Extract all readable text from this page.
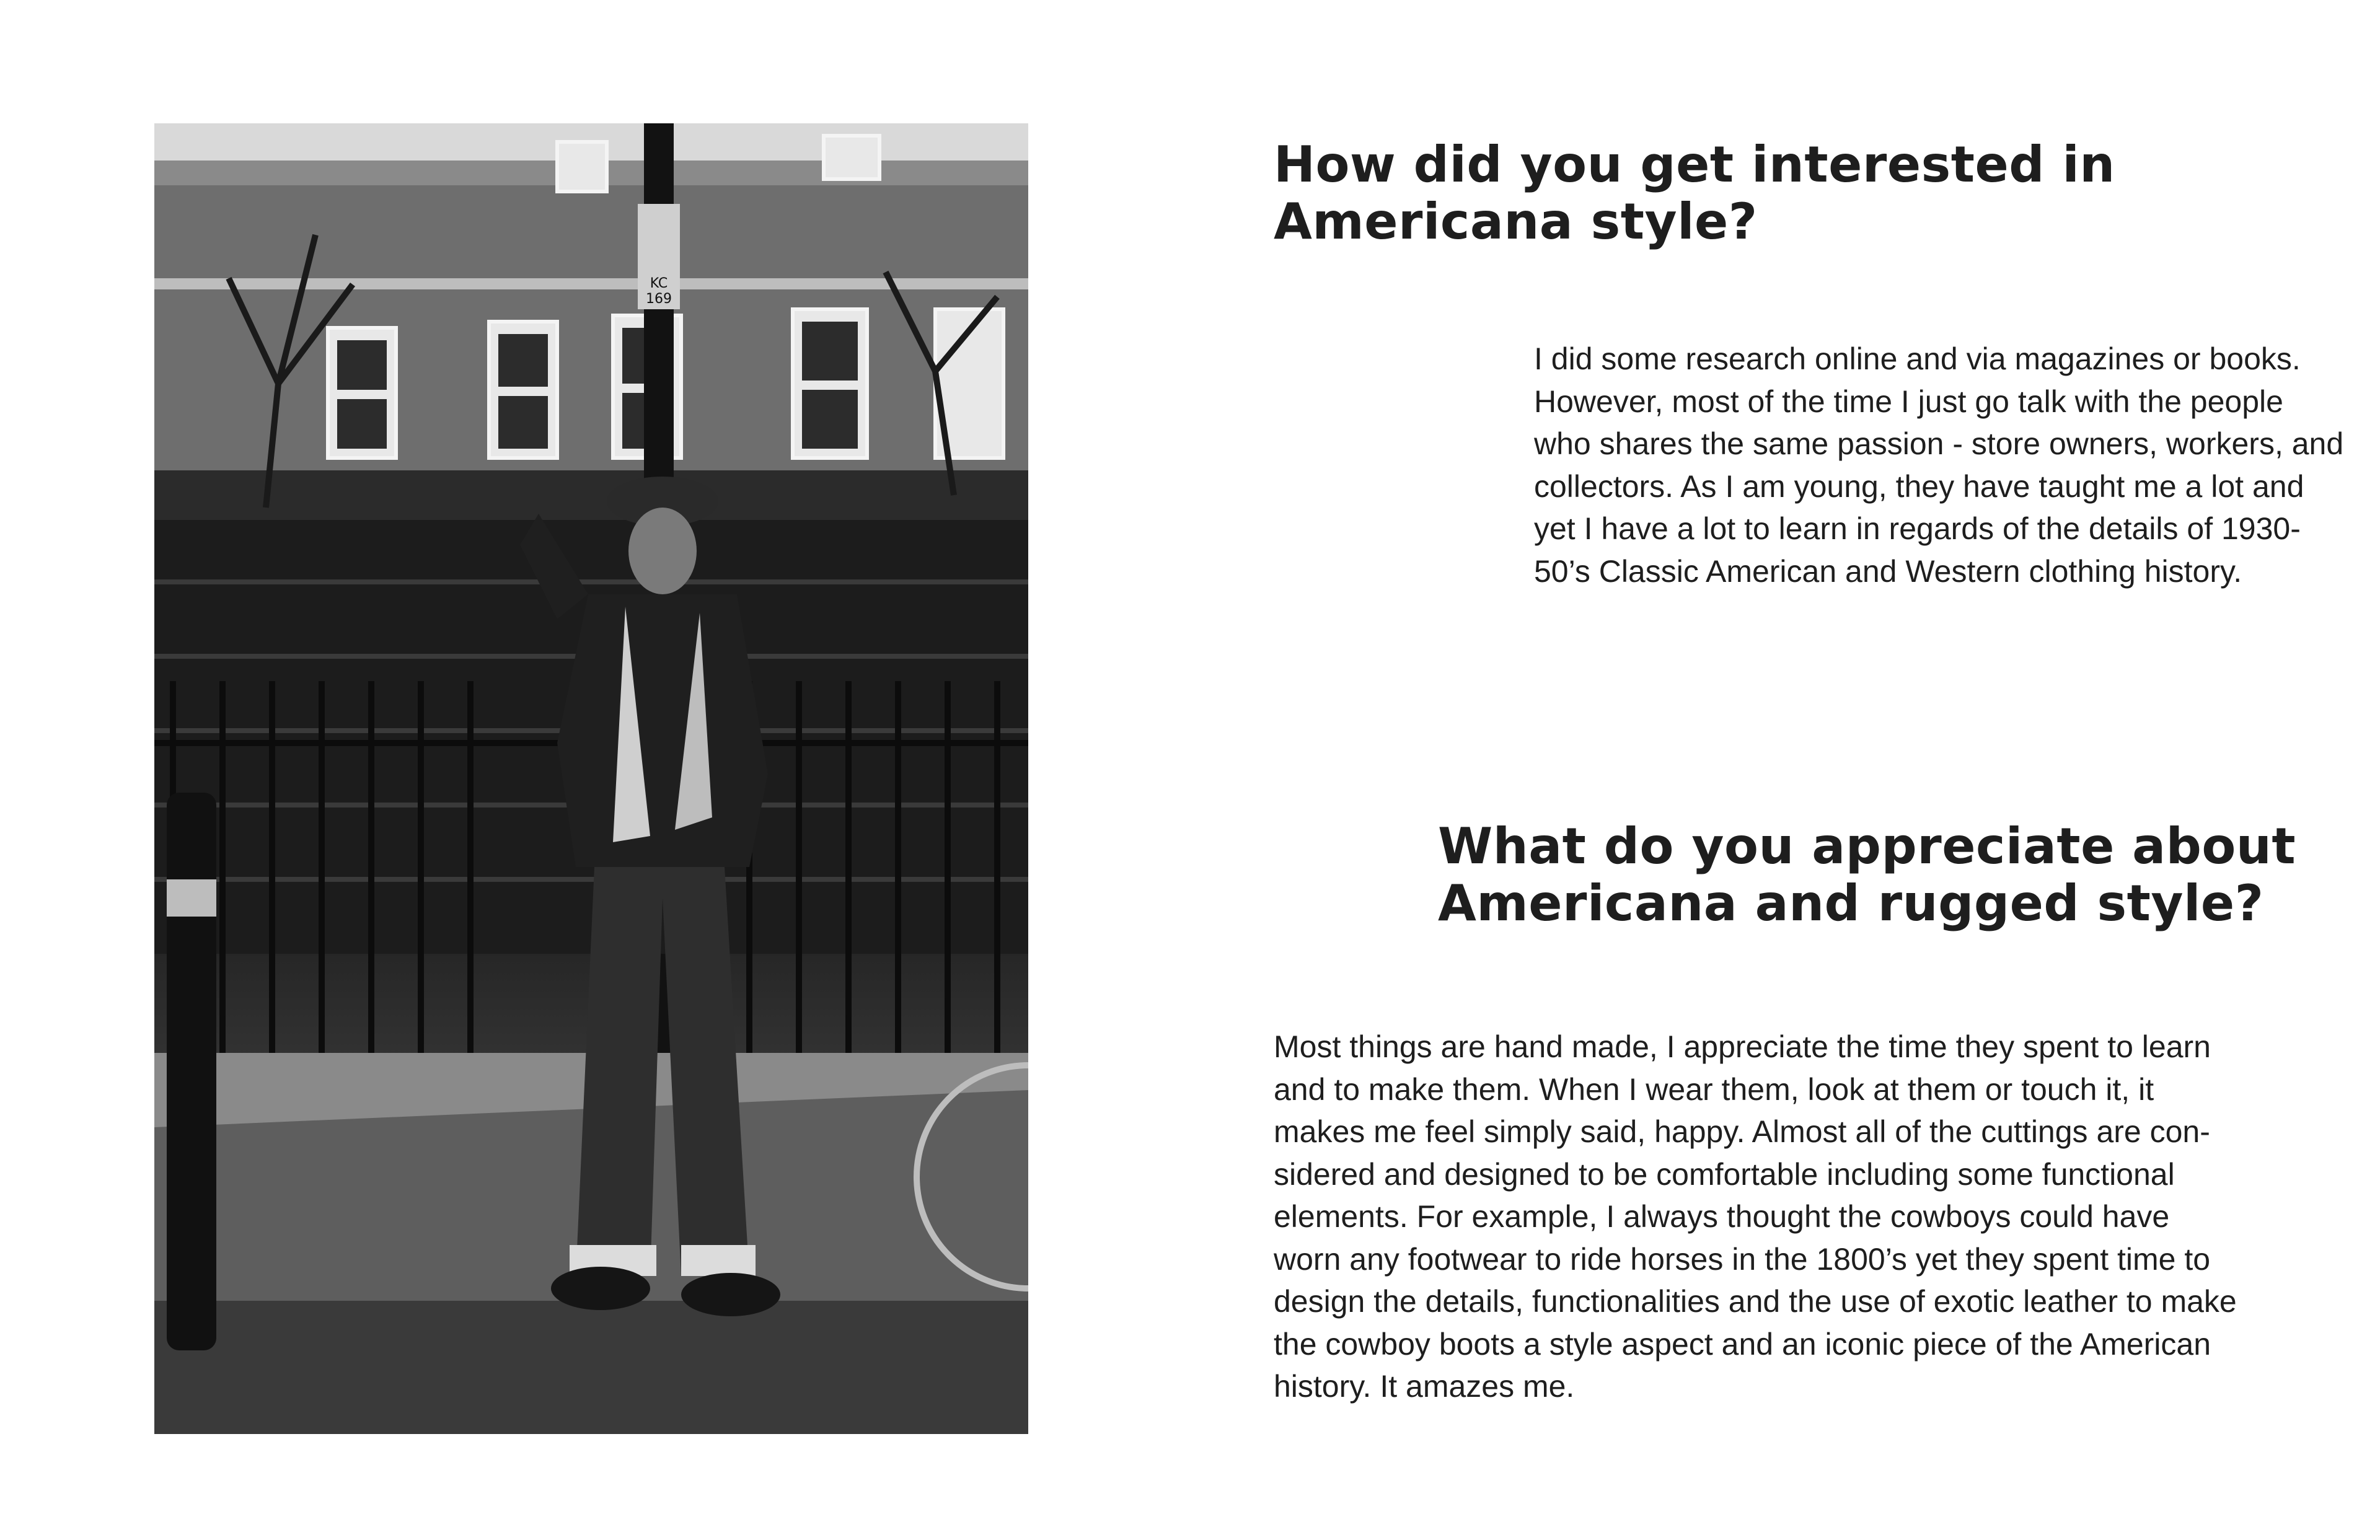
KC
169
How did you get interested in
Americana style?

I did some research online and via magazines or books.
However, most of the time I just go talk with the people
who shares the same passion - store owners, workers, and
collectors. As I am young, they have taught me a lot and
yet I have a lot to learn in regards of the details of 1930-
50’s Classic American and Western clothing history.

What do you appreciate about
Americana and rugged style?

Most things are hand made, I appreciate the time they spent to learn
and to make them. When I wear them, look at them or touch it, it
makes me feel simply said, happy. Almost all of the cuttings are con-
sidered and designed to be comfortable including some functional
elements. For example, I always thought the cowboys could have
worn any footwear to ride horses in the 1800’s yet they spent time to
design the details, functionalities and the use of exotic leather to make
the cowboy boots a style aspect and an iconic piece of the American
history. It amazes me.
